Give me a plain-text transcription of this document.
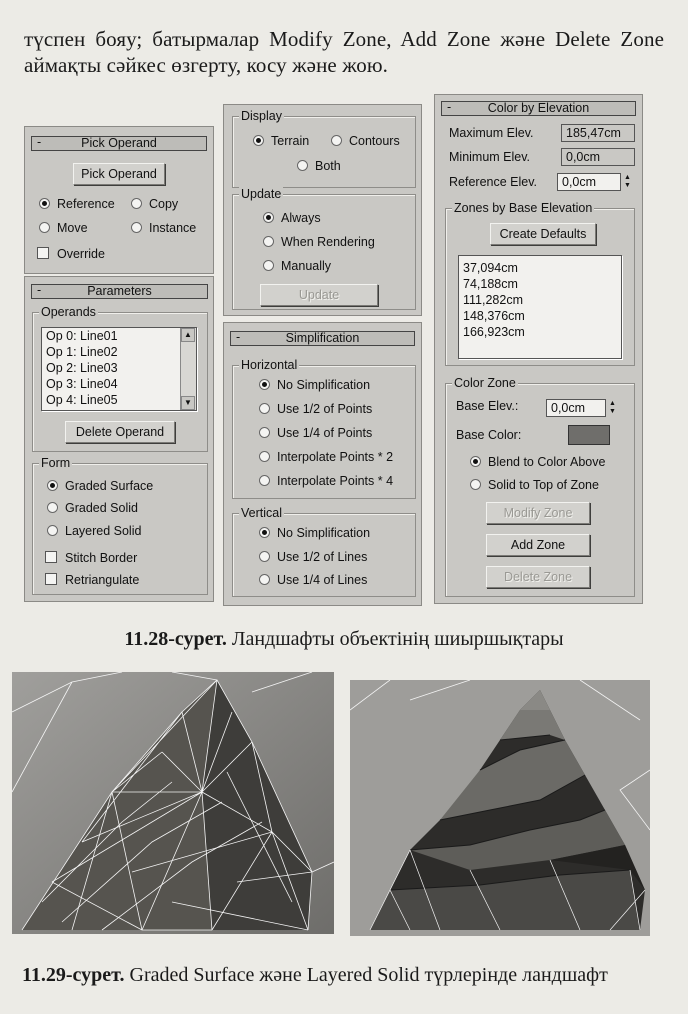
түспен бояу; батырмалар Modify Zone, Add Zone және Delete Zone

аймақты сәйкес өзгерту, косу және жою.

-	Pick Operand
Pick Operand
Reference	Copy
Move	Instance
Override
-	Parameters
Operands
Op 0: Line01
Op 1: Line02
Op 2: Line03
Op 3: Line04
Op 4: Line05
▲
▼
Delete Operand
Form
Graded Surface
Graded Solid
Layered Solid
Stitch Border
Retriangulate
Display
Terrain	Contours
Both
Update
Always
When Rendering
Manually
Update
-	Simplification
Horizontal
No Simplification
Use 1/2 of Points
Use 1/4 of Points
Interpolate Points * 2
Interpolate Points * 4
Vertical
No Simplification
Use 1/2 of Lines
Use 1/4 of Lines
-	Color by Elevation
Maximum Elev.	185,47cm
Minimum Elev.	0,0cm
Reference Elev.	0,0cm	▲
▼
Zones by Base Elevation
Create Defaults
37,094cm
74,188cm
111,282cm
148,376cm
166,923cm
Color Zone
Base Elev.:	0,0cm	▲
▼
Base Color:
Blend to Color Above
Solid to Top of Zone
Modify Zone
Add Zone
Delete Zone
11.28-сурет. Ландшафты объектінің шиыршықтары
11.29-сурет. Graded Surface және Layered Solid түрлерінде ландшафт
